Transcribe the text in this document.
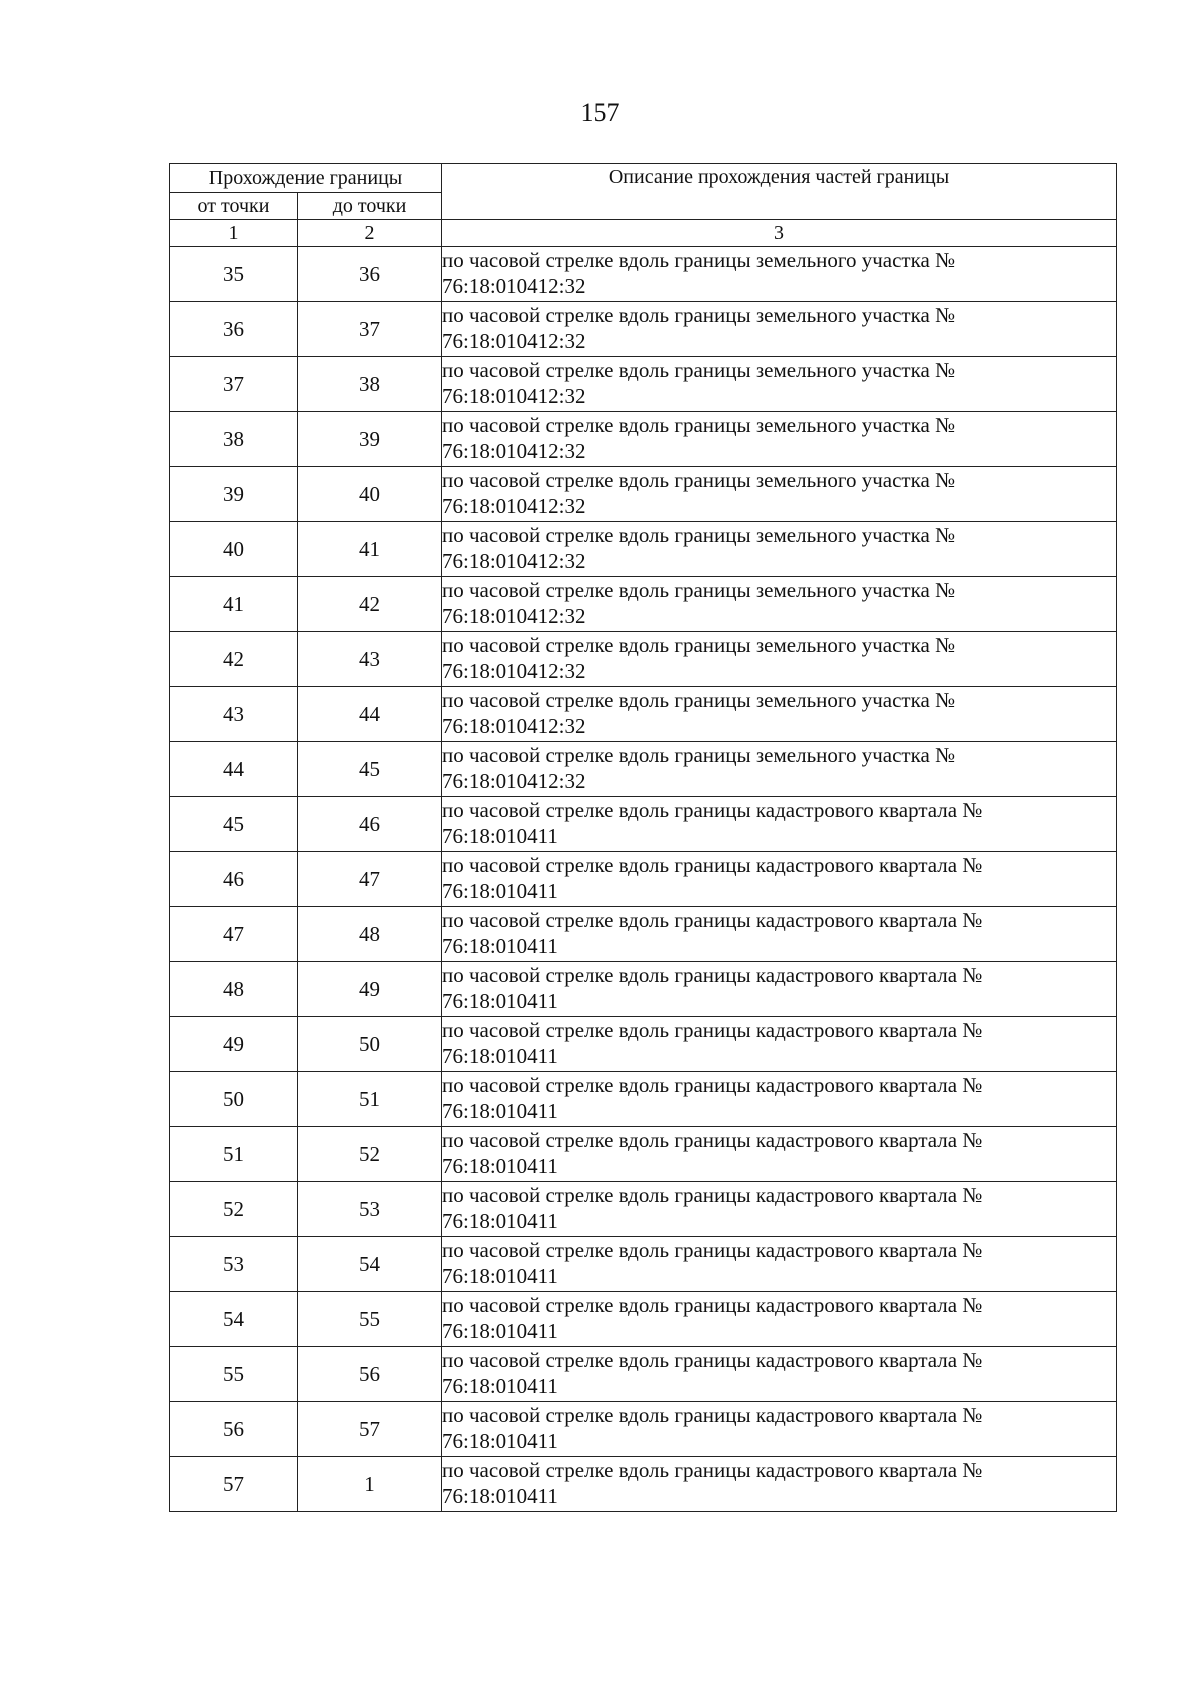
157
Прохождение границы		Описание прохождения частей границы
от точки	до точки	
1	2	3
35	36	по часовой стрелке вдоль границы земельного участка №
76:18:010412:32

36	37	по часовой стрелке вдоль границы земельного участка №
76:18:010412:32

37	38	по часовой стрелке вдоль границы земельного участка №
76:18:010412:32

38	39	по часовой стрелке вдоль границы земельного участка №
76:18:010412:32

39	40	по часовой стрелке вдоль границы земельного участка №
76:18:010412:32

40	41	по часовой стрелке вдоль границы земельного участка №
76:18:010412:32

41	42	по часовой стрелке вдоль границы земельного участка №
76:18:010412:32

42	43	по часовой стрелке вдоль границы земельного участка №
76:18:010412:32

43	44	по часовой стрелке вдоль границы земельного участка №
76:18:010412:32

44	45	по часовой стрелке вдоль границы земельного участка №
76:18:010412:32

45	46	по часовой стрелке вдоль границы кадастрового квартала №
76:18:010411

46	47	по часовой стрелке вдоль границы кадастрового квартала №
76:18:010411

47	48	по часовой стрелке вдоль границы кадастрового квартала №
76:18:010411

48	49	по часовой стрелке вдоль границы кадастрового квартала №
76:18:010411

49	50	по часовой стрелке вдоль границы кадастрового квартала №
76:18:010411

50	51	по часовой стрелке вдоль границы кадастрового квартала №
76:18:010411

51	52	по часовой стрелке вдоль границы кадастрового квартала №
76:18:010411

52	53	по часовой стрелке вдоль границы кадастрового квартала №
76:18:010411

53	54	по часовой стрелке вдоль границы кадастрового квартала №
76:18:010411

54	55	по часовой стрелке вдоль границы кадастрового квартала №
76:18:010411

55	56	по часовой стрелке вдоль границы кадастрового квартала №
76:18:010411

56	57	по часовой стрелке вдоль границы кадастрового квартала №
76:18:010411

57	1	по часовой стрелке вдоль границы кадастрового квартала №
76:18:010411
